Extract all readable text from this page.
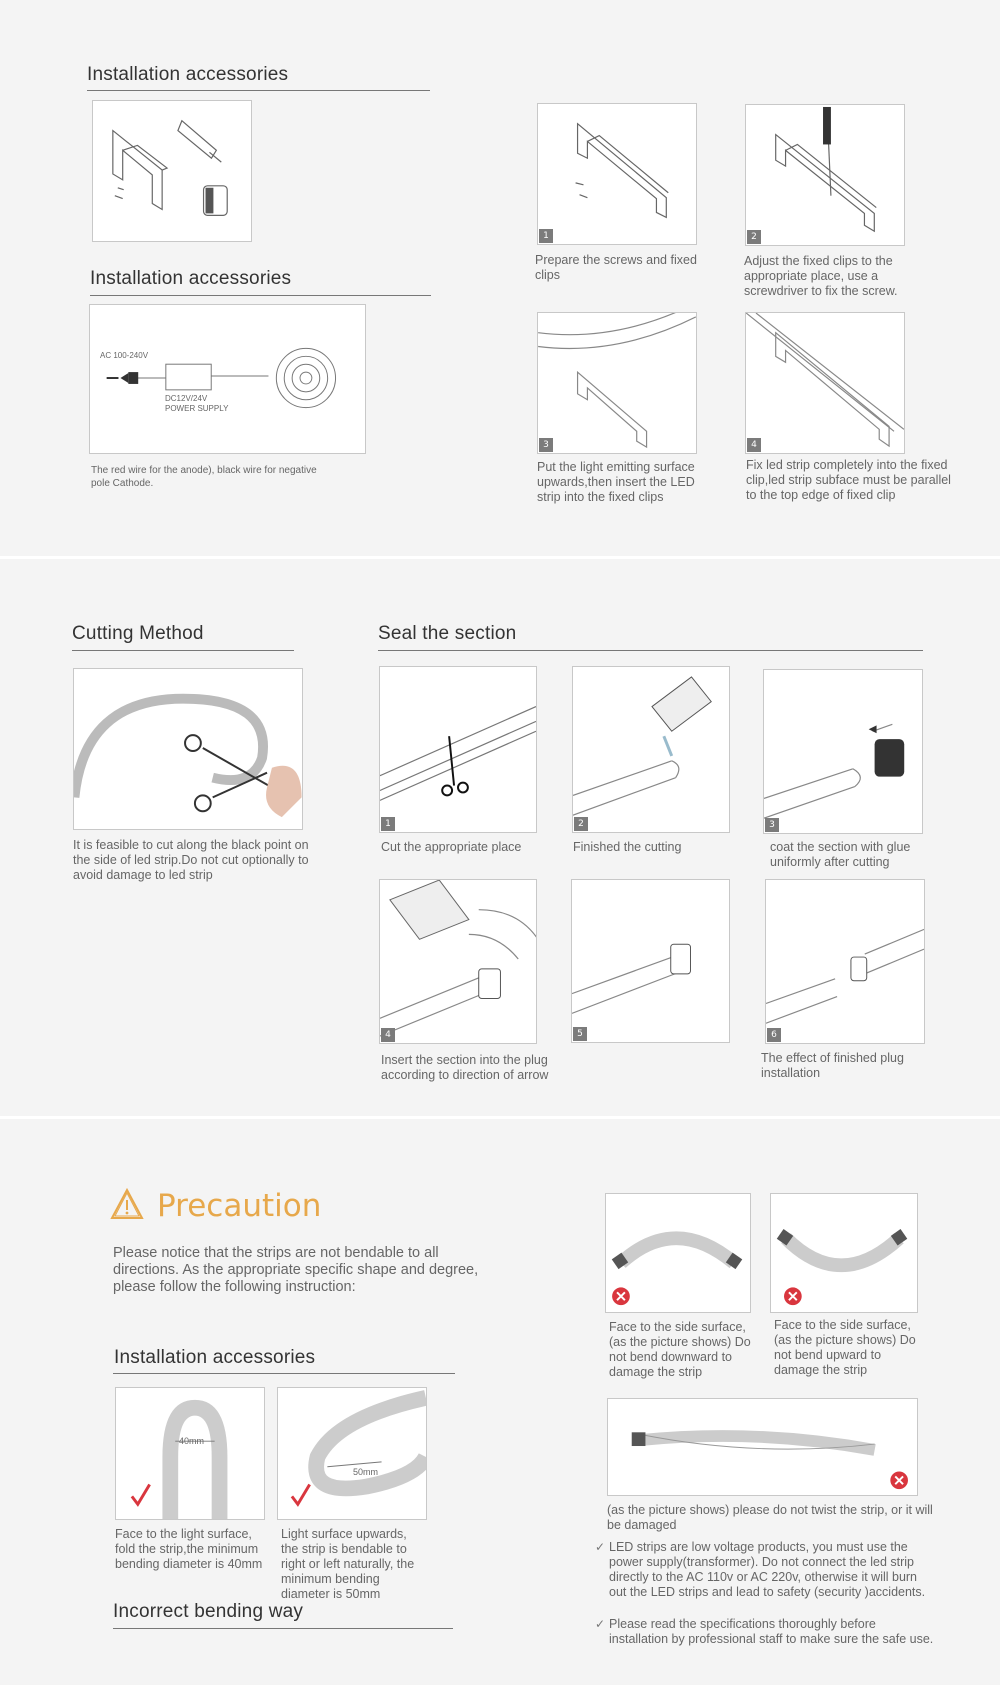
Installation accessories
Installation accessories
AC 100-240V
DC12V/24V
POWER SUPPLY
The red wire for the anode), black wire for negative pole Cathode.
1
Prepare the screws and fixed clips
2
Adjust the fixed clips to the appropriate place, use a screwdriver to fix the screw.
3
Put the light emitting surface upwards,then insert the LED strip into the fixed clips
4
Fix led strip completely into the fixed clip,led strip subface must be parallel to the top edge of fixed clip
Cutting Method
It is feasible to cut along the black point on the side of led strip.Do not cut optionally to avoid damage to led strip
Seal the section
1
Cut the appropriate place
2
Finished the cutting
3
coat the section with glue uniformly after cutting
4
Insert the section into the plug according to direction of arrow
5	6
The effect of finished plug installation
Precaution
Please notice that the strips are not bendable to all directions. As the appropriate specific shape and degree, please follow the following instruction:
Installation accessories
40mm
50mm
Face to the light surface, fold the strip,the minimum bending diameter is 40mm
Light surface upwards, the strip is bendable to right or left naturally, the minimum bending diameter is 50mm
Incorrect bending way
Face to the side surface,(as the picture shows) Do not bend downward to damage the strip
Face to the side surface,(as the picture shows) Do not bend upward to damage the strip
(as the picture shows) please do not twist the strip, or it will be damaged
✓ LED strips are low voltage products, you must use the power supply(transformer). Do not connect the led strip directly to the AC 110v or AC 220v, otherwise it will burn out the LED strips and lead to safety (security )accidents.
✓ Please read the specifications thoroughly before installation by professional staff to make sure the safe use.
